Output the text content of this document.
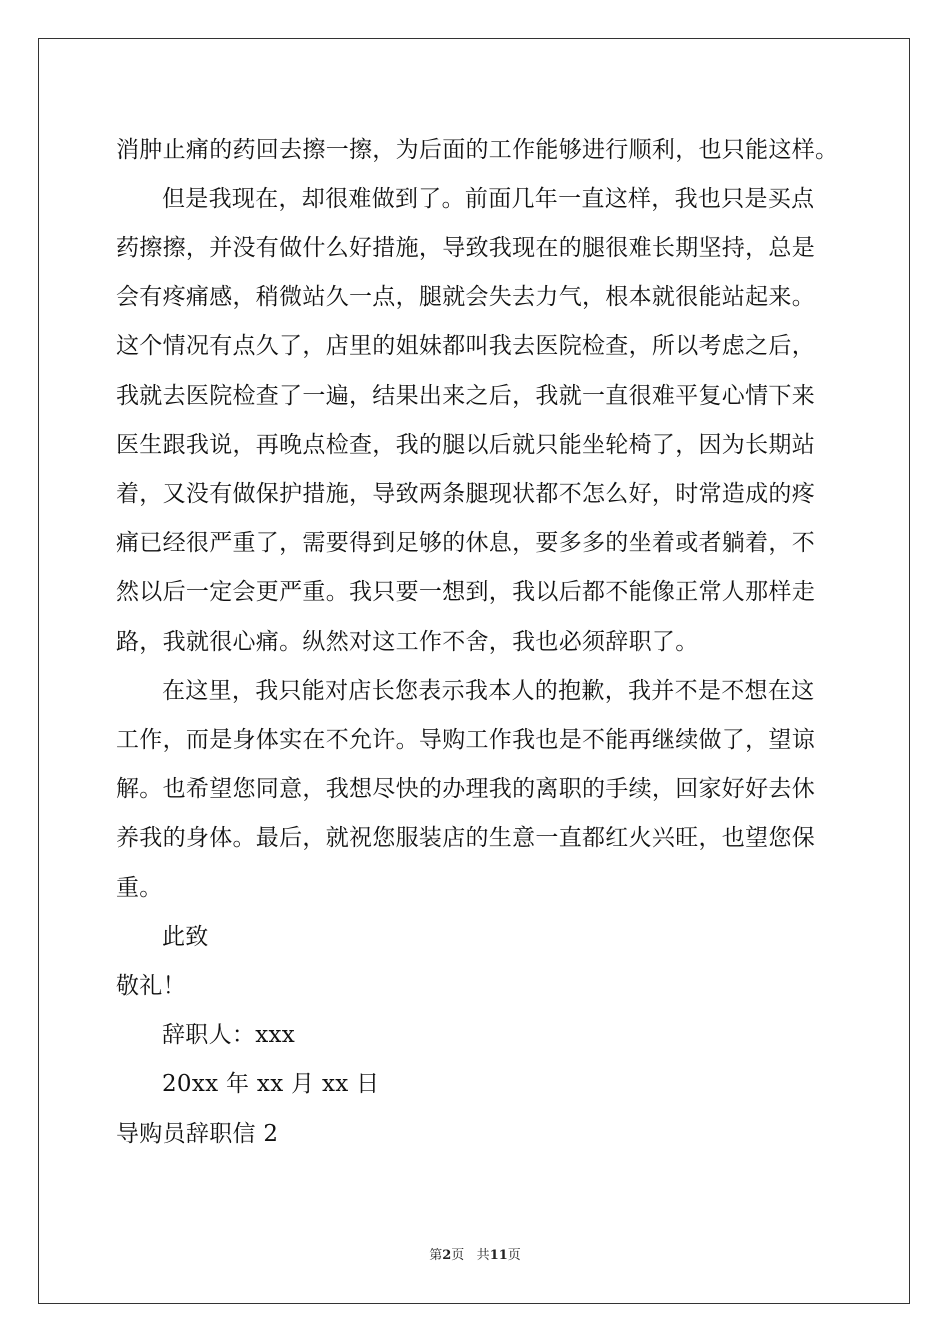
消肿止痛的药回去擦一擦，为后面的工作能够进行顺利，也只能这样。
但是我现在，却很难做到了。前面几年一直这样，我也只是买点
药擦擦，并没有做什么好措施，导致我现在的腿很难长期坚持，总是
会有疼痛感，稍微站久一点，腿就会失去力气，根本就很能站起来。
这个情况有点久了，店里的姐妹都叫我去医院检查，所以考虑之后，
我就去医院检查了一遍，结果出来之后，我就一直很难平复心情下来
医生跟我说，再晚点检查，我的腿以后就只能坐轮椅了，因为长期站
着，又没有做保护措施，导致两条腿现状都不怎么好，时常造成的疼
痛已经很严重了，需要得到足够的休息，要多多的坐着或者躺着，不
然以后一定会更严重。我只要一想到，我以后都不能像正常人那样走
路，我就很心痛。纵然对这工作不舍，我也必须辞职了。
在这里，我只能对店长您表示我本人的抱歉，我并不是不想在这
工作，而是身体实在不允许。导购工作我也是不能再继续做了，望谅
解。也希望您同意，我想尽快的办理我的离职的手续，回家好好去休
养我的身体。最后，就祝您服装店的生意一直都红火兴旺，也望您保
重。
此致
敬礼！
辞职人：xxx
20xx 年 xx 月 xx 日
导购员辞职信 2
第2页 共11页
